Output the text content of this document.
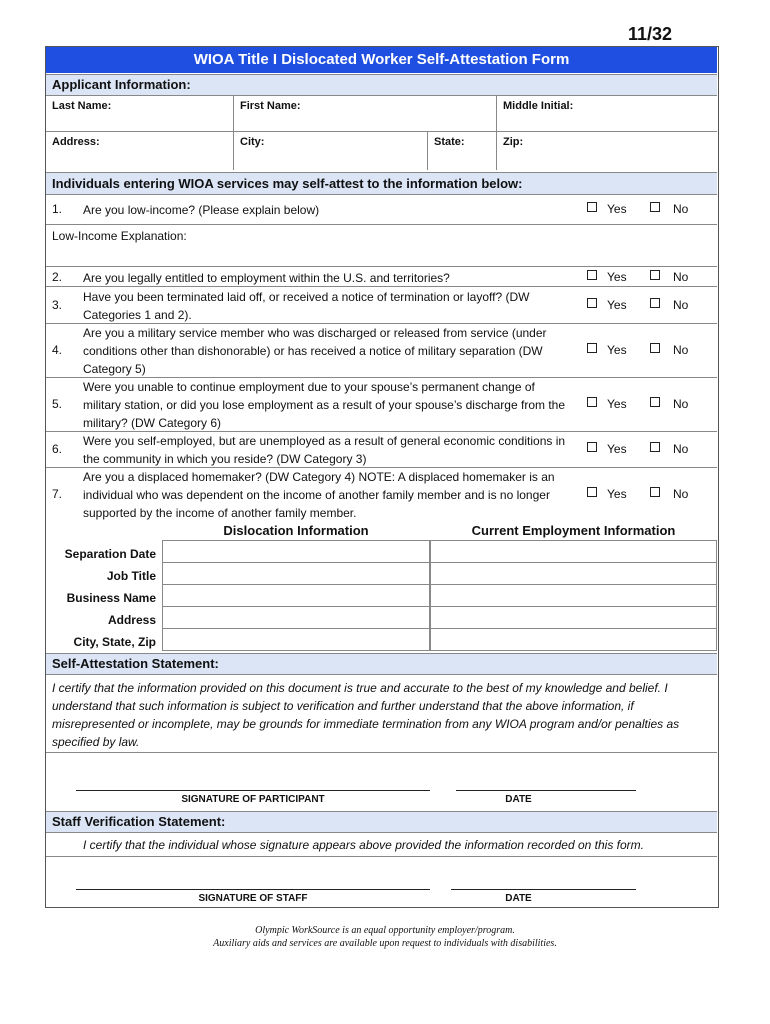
11/32
WIOA Title I Dislocated Worker Self-Attestation Form
Applicant Information:
Last Name:	First Name:	Middle Initial:
Address:	City:	State:	Zip:
Individuals entering WIOA services may self-attest to the information below:
1. Are you low-income? (Please explain below)	Yes	No
Low-Income Explanation:
2. Are you legally entitled to employment within the U.S. and territories?	Yes	No
3.
Have you been terminated laid off, or received a notice of termination or layoff? (DW Categories 1 and 2).
Yes	No
4.
Are you a military service member who was discharged or released from service (under conditions other than dishonorable) or has received a notice of military separation (DW Category 5)
Yes	No
5.
Were you unable to continue employment due to your spouse’s permanent change of military station, or did you lose employment as a result of your spouse’s discharge from the military? (DW Category 6)
Yes	No
6.
Were you self-employed, but are unemployed as a result of general economic conditions in the community in which you reside? (DW Category 3)
Yes	No
7.
Are you a displaced homemaker? (DW Category 4) NOTE: A displaced homemaker is an individual who was dependent on the income of another family member and is no longer supported by the income of another family member.
Yes	No
Dislocation Information	Current Employment Information
Separation Date
Job Title
Business Name
Address
City, State, Zip
Self-Attestation Statement:
I certify that the information provided on this document is true and accurate to the best of my knowledge and belief. I understand that such information is subject to verification and further understand that the above information, if misrepresented or incomplete, may be grounds for immediate termination from any WIOA program and/or penalties as specified by law.
SIGNATURE OF PARTICIPANT	DATE
Staff Verification Statement:
I certify that the individual whose signature appears above provided the information recorded on this form.
SIGNATURE OF STAFF	DATE
Olympic WorkSource is an equal opportunity employer/program.
Auxiliary aids and services are available upon request to individuals with disabilities.
